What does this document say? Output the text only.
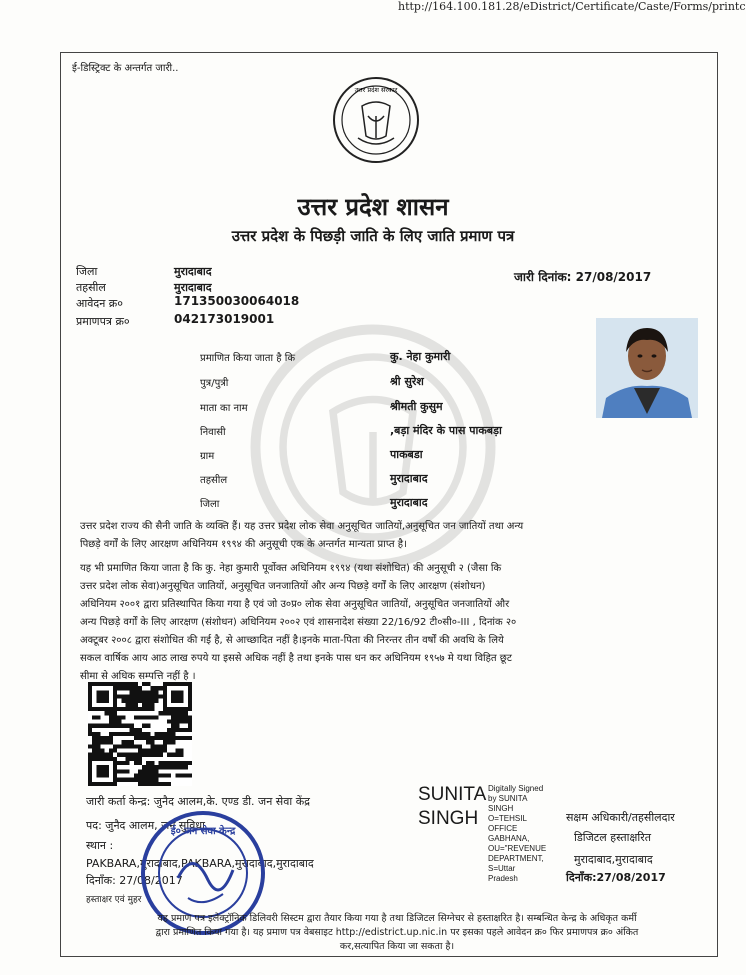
http://164.100.181.28/eDistrict/Certificate/Caste/Forms/printc
ई-डिस्ट्रिक्ट के अन्तर्गत जारी..
उत्तर प्रदेश सरकार
उत्तर प्रदेश शासन
उत्तर प्रदेश के पिछड़ी जाति के लिए जाति प्रमाण पत्र
जिला	मुरादाबाद
तहसील	मुरादाबाद
आवेदन क्र०	171350030064018
प्रमाणपत्र क्र०	042173019001
जारी दिनांक: 27/08/2017
प्रमाणित किया जाता है कि	कु. नेहा कुमारी
पुत्र/पुत्री	श्री सुरेश
माता का नाम	श्रीमती कुसुम
निवासी	,बड़ा मंदिर के पास पाकबड़ा
ग्राम	पाकबडा
तहसील	मुरादाबाद
जिला	मुरादाबाद
उत्तर प्रदेश राज्य की सैनी जाति के व्यक्ति हैं। यह उत्तर प्रदेश लोक सेवा अनुसूचित जातियों,अनुसूचित जन जातियों तथा अन्य
पिछड़े वर्गों के लिए आरक्षण अधिनियम १९९४ की अनुसूची एक के अन्तर्गत मान्यता प्राप्त है।
यह भी प्रमाणित किया जाता है कि कु. नेहा कुमारी पूर्वोक्त अधिनियम १९९४ (यथा संशोधित) की अनुसूची २ (जैसा कि
उत्तर प्रदेश लोक सेवा)अनुसूचित जातियों, अनुसूचित जनजातियों और अन्य पिछड़े वर्गों के लिए आरक्षण (संशोधन)
अधिनियम २००१ द्वारा प्रतिस्थापित किया गया है एवं जो उ०प्र० लोक सेवा अनुसूचित जातियों, अनुसूचित जनजातियों और
अन्य पिछड़े वर्गों के लिए आरक्षण (संशोधन) अधिनियम २००२ एवं शासनादेश संख्या 22/16/92 टी०सी०-III , दिनांक २०
अक्टूबर २००८ द्वारा संशोधित की गई है, से आच्छादित नहीं है।इनके माता-पिता की निरन्तर तीन वर्षों की अवधि के लिये
सकल वार्षिक आय आठ लाख रुपये या इससे अधिक नहीं है तथा इनके पास धन कर अधिनियम १९५७ मे यथा विहित छूट
सीमा से अधिक सम्पत्ति नहीं है ।
जारी कर्ता केन्द्र: जुनैद आलम,के. एण्ड डी. जन सेवा केंद्र
पद: जुनैद आलम, जन सुविधा
स्थान :
PAKBARA,मुरादाबाद,PAKBARA,मुरादाबाद,मुरादाबाद
दिनाँक: 27/08/2017
हस्ताक्षर एवं मुहर
SUNITA
SINGH
Digitally Signed
by SUNITA
SINGH
O=TEHSIL
OFFICE
GABHANA,
OU="REVENUE
DEPARTMENT,
S=Uttar
Pradesh
सक्षम अधिकारी/तहसीलदार
डिजिटल हस्ताक्षरित
मुरादाबाद,मुरादाबाद
दिनाँक:27/08/2017
ई० जन सेवा केन्द्र
यह प्रमाण पत्र इलेक्ट्रॉनिक डिलिवरी सिस्टम द्वारा तैयार किया गया है तथा डिजिटल सिग्नेचर से हस्ताक्षरित है। सम्बन्धित केन्द्र के अधिकृत कर्मी
द्वारा प्रमाणित किया गया है। यह प्रमाण पत्र वेबसाइट http://edistrict.up.nic.in पर इसका पहले आवेदन क्र० फिर प्रमाणपत्र क्र० अंकित
कर,सत्यापित किया जा सकता है।
